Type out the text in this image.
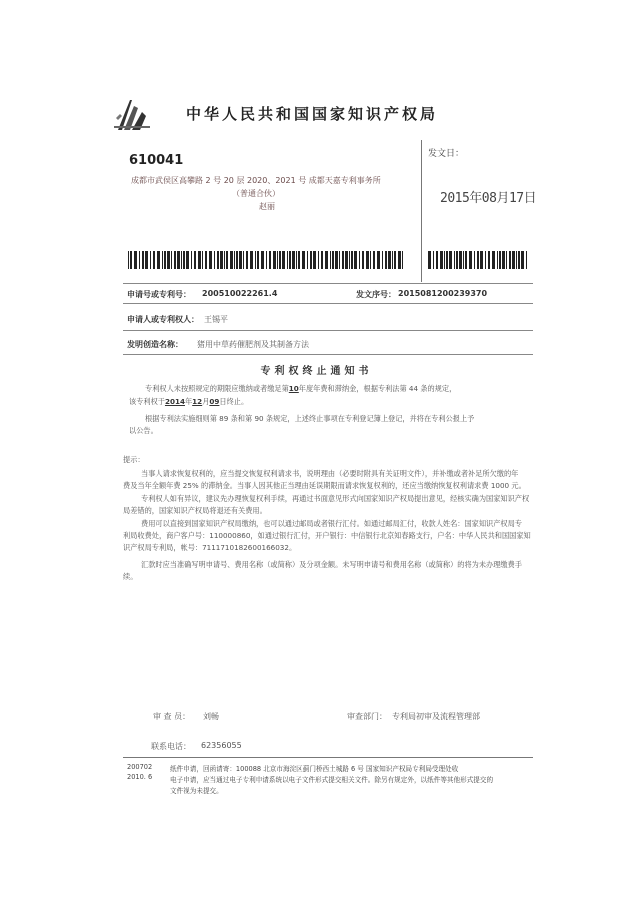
中华人民共和国国家知识产权局
610041
成都市武侯区高攀路 2 号 20 层 2020、2021 号 成都天嘉专利事务所
（普通合伙）
赵丽
发文日：
2015年08月17日
申请号或专利号： 200510022261.4	发文序号： 2015081200239370
申请人或专利权人： 王锡平
发明创造名称： 猪用中草药催肥剂及其制备方法
专利权终止通知书
专利权人未按照规定的期限应缴纳或者缴足第10年度年费和滞纳金，根据专利法第 44 条的规定，
该专利权于2014年12月09日终止。
根据专利法实施细则第 89 条和第 90 条规定，上述终止事项在专利登记簿上登记，并将在专利公报上予
以公告。
提示：
当事人请求恢复权利的，应当提交恢复权利请求书，说明理由（必要时附具有关证明文件），并补缴或者补足所欠缴的年
费及当年全额年费 25% 的滞纳金。当事人因其他正当理由延误期限而请求恢复权利的，还应当缴纳恢复权利请求费 1000 元。
专利权人如有异议，建议先办理恢复权利手续，再通过书面意见形式向国家知识产权局提出意见，经核实确为国家知识产权
局差错的，国家知识产权局将退还有关费用。
费用可以直接到国家知识产权局缴纳，也可以通过邮局或者银行汇付。如通过邮局汇付，收款人姓名：国家知识产权局专
利局收费处，商户客户号：110000860，如通过银行汇付，开户银行：中信银行北京知春路支行，户名：中华人民共和国国家知
识产权局专利局，帐号：7111710182600166032。
汇款时应当准确写明申请号、费用名称（或简称）及分项金额。未写明申请号和费用名称（或简称）的将为未办理缴费手
续。
审 查 员： 刘畅	审查部门： 专利局初审及流程管理部
联系电话： 62356055
200702
2010. 6
纸件申请，回函请寄：100088 北京市海淀区蓟门桥西土城路 6 号 国家知识产权局专利局受理处收
电子申请，应当通过电子专利申请系统以电子文件形式提交相关文件。除另有规定外，以纸件等其他形式提交的
文件视为未提交。
